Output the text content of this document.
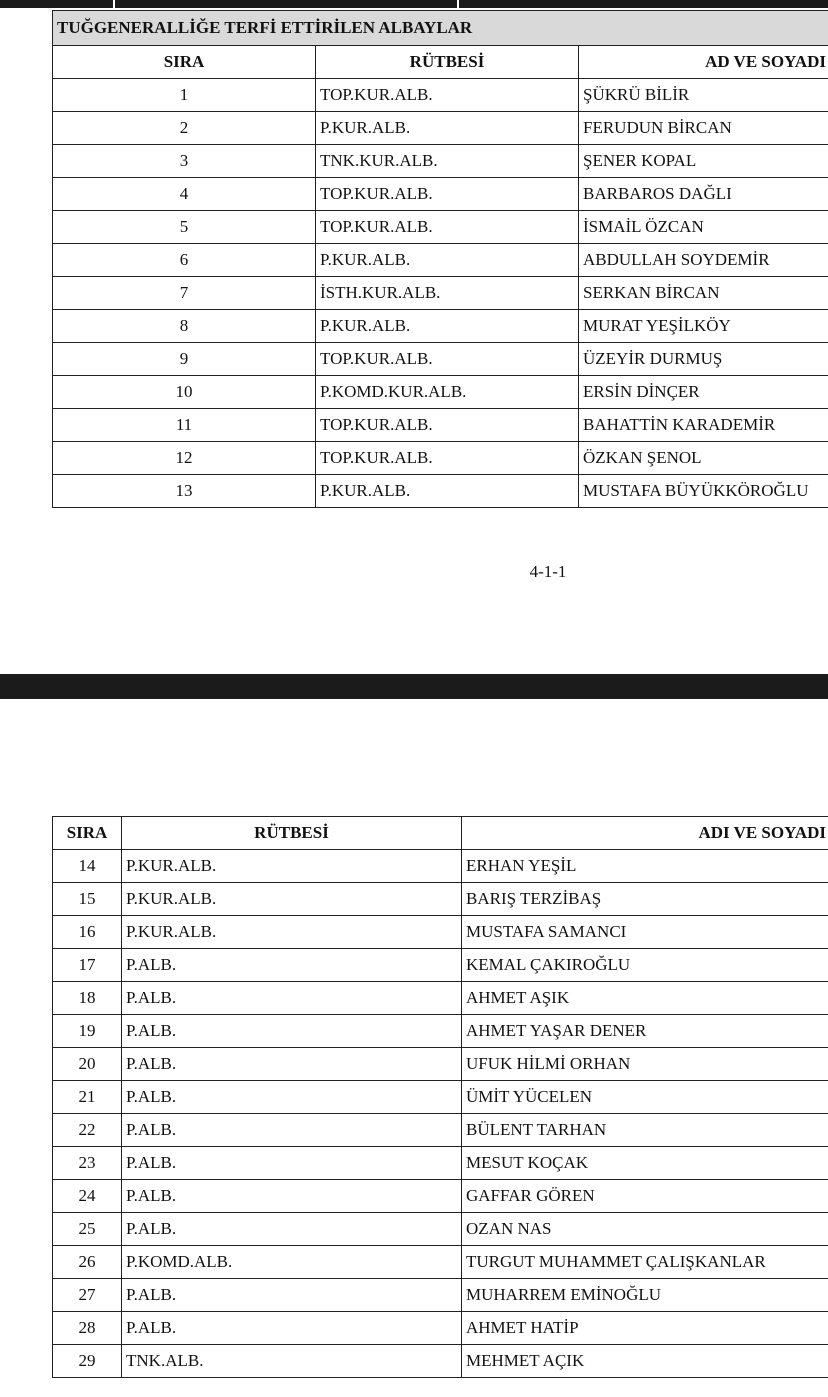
TUĞGENERALLİĞE TERFİ ETTİRİLEN ALBAYLAR		
SIRA	RÜTBESİ	AD VE SOYADI
1	TOP.KUR.ALB.	ŞÜKRÜ BİLİR
2	P.KUR.ALB.	FERUDUN BİRCAN
3	TNK.KUR.ALB.	ŞENER KOPAL
4	TOP.KUR.ALB.	BARBAROS DAĞLI
5	TOP.KUR.ALB.	İSMAİL ÖZCAN
6	P.KUR.ALB.	ABDULLAH SOYDEMİR
7	İSTH.KUR.ALB.	SERKAN BİRCAN
8	P.KUR.ALB.	MURAT YEŞİLKÖY
9	TOP.KUR.ALB.	ÜZEYİR DURMUŞ
10	P.KOMD.KUR.ALB.	ERSİN DİNÇER
11	TOP.KUR.ALB.	BAHATTİN KARADEMİR
12	TOP.KUR.ALB.	ÖZKAN ŞENOL
13	P.KUR.ALB.	MUSTAFA BÜYÜKKÖROĞLU
4-1-1
SIRA	RÜTBESİ	ADI VE SOYADI
14	P.KUR.ALB.	ERHAN YEŞİL
15	P.KUR.ALB.	BARIŞ TERZİBAŞ
16	P.KUR.ALB.	MUSTAFA SAMANCI
17	P.ALB.	KEMAL ÇAKIROĞLU
18	P.ALB.	AHMET AŞIK
19	P.ALB.	AHMET YAŞAR DENER
20	P.ALB.	UFUK HİLMİ ORHAN
21	P.ALB.	ÜMİT YÜCELEN
22	P.ALB.	BÜLENT TARHAN
23	P.ALB.	MESUT KOÇAK
24	P.ALB.	GAFFAR GÖREN
25	P.ALB.	OZAN NAS
26	P.KOMD.ALB.	TURGUT MUHAMMET ÇALIŞKANLAR
27	P.ALB.	MUHARREM EMİNOĞLU
28	P.ALB.	AHMET HATİP
29	TNK.ALB.	MEHMET AÇIK
